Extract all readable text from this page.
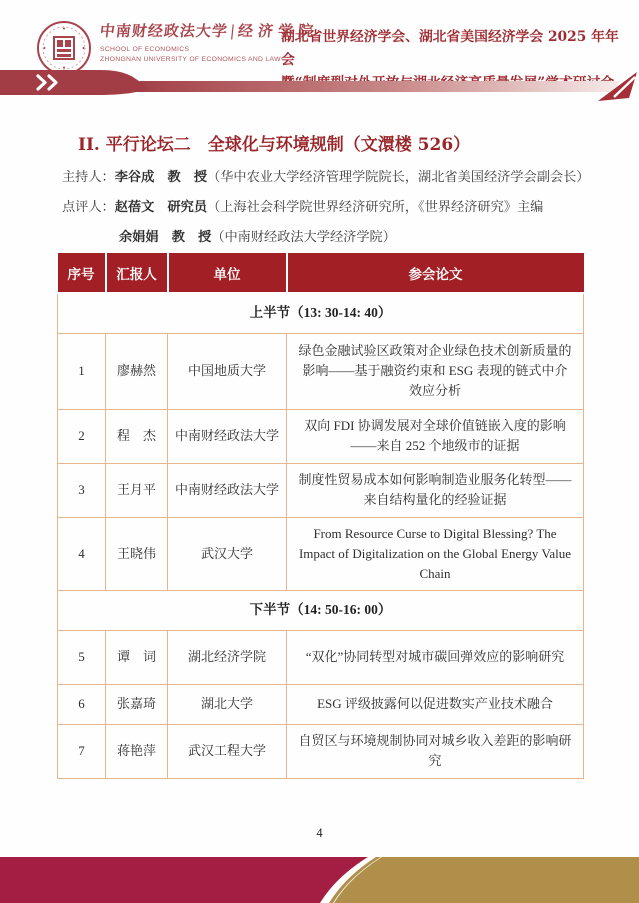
中南财经政法大学|经济学院
SCHOOL OF ECONOMICS
ZHONGNAN UNIVERSITY OF ECONOMICS AND LAW
湖北省世界经济学会、湖北省美国经济学会 2025 年年会
II. 平行论坛二　全球化与环境规制（文澴楼 526）
主持人：李谷成　教　授（华中农业大学经济管理学院院长，湖北省美国经济学会副会长）
点评人：赵蓓文　研究员（上海社会科学院世界经济研究所，《世界经济研究》主编
余娟娟　教　授（中南财经政法大学经济学院）
序号	汇报人	单位	参会论文
上半节（13: 30-14: 40）			
1	廖赫然	中国地质大学	绿色金融试验区政策对企业绿色技术创新质量的影响——基于融资约束和 ESG 表现的链式中介效应分析
2	程　杰	中南财经政法大学	双向 FDI 协调发展对全球价值链嵌入度的影响——来自 252 个地级市的证据
3	王月平	中南财经政法大学	制度性贸易成本如何影响制造业服务化转型——来自结构量化的经验证据
4	王晓伟	武汉大学	From Resource Curse to Digital Blessing? The Impact of Digitalization on the Global Energy Value Chain
下半节（14: 50-16: 00）			
5	谭　词	湖北经济学院	“双化”协同转型对城市碳回弹效应的影响研究
6	张嘉琦	湖北大学	ESG 评级披露何以促进数实产业技术融合
7	蒋艳萍	武汉工程大学	自贸区与环境规制协同对城乡收入差距的影响研究
4
